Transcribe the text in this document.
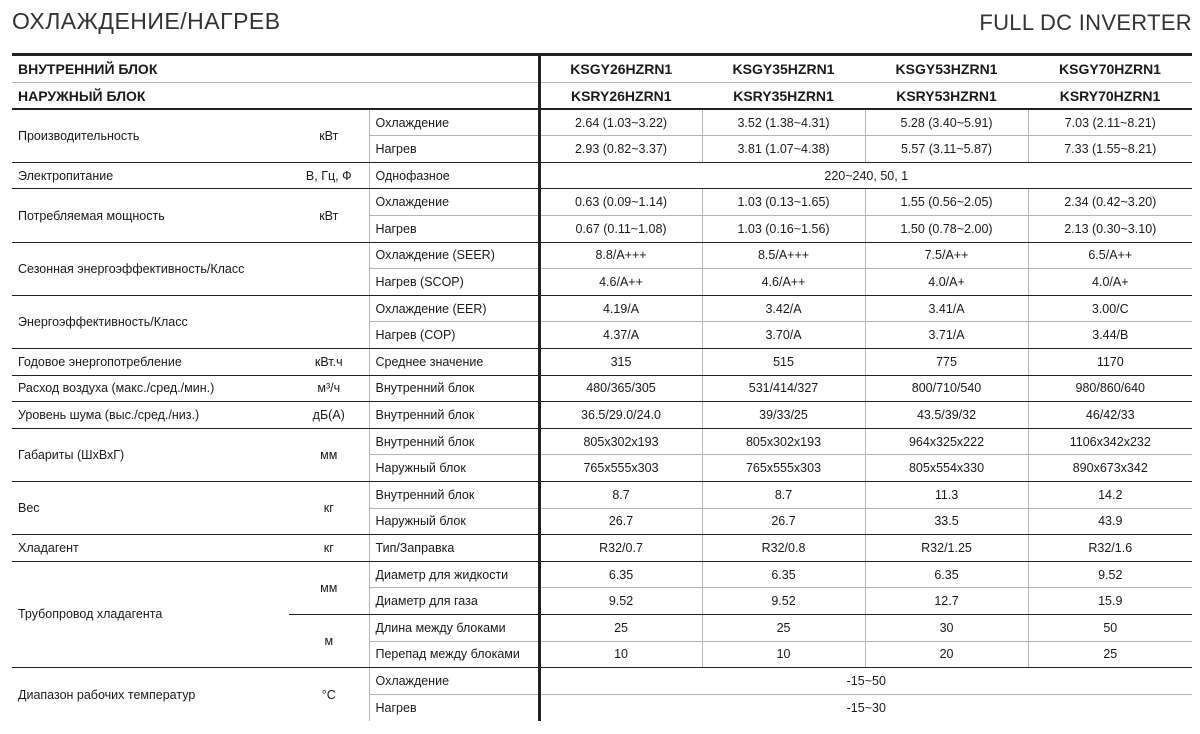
ОХЛАЖДЕНИЕ/НАГРЕВ	FULL DC INVERTER
ВНУТРЕННИЙ БЛОК			KSGY26HZRN1	KSGY35HZRN1	KSGY53HZRN1	KSGY70HZRN1
НАРУЖНЫЙ БЛОК			KSRY26HZRN1	KSRY35HZRN1	KSRY53HZRN1	KSRY70HZRN1
Производительность	кВт	Охлаждение	2.64 (1.03~3.22)	3.52 (1.38~4.31)	5.28 (3.40~5.91)	7.03 (2.11~8.21)
		Нагрев	2.93 (0.82~3.37)	3.81 (1.07~4.38)	5.57 (3.11~5.87)	7.33 (1.55~8.21)
Электропитание	В, Гц, Ф	Однофазное	220~240, 50, 1			
Потребляемая мощность	кВт	Охлаждение	0.63 (0.09~1.14)	1.03 (0.13~1.65)	1.55 (0.56~2.05)	2.34 (0.42~3.20)
		Нагрев	0.67 (0.11~1.08)	1.03 (0.16~1.56)	1.50 (0.78~2.00)	2.13 (0.30~3.10)
Сезонная энергоэффективность/Класс		Охлаждение (SEER)	8.8/A+++	8.5/A+++	7.5/A++	6.5/A++
		Нагрев (SCOP)	4.6/A++	4.6/A++	4.0/A+	4.0/A+
Энергоэффективность/Класс		Охлаждение (EER)	4.19/A	3.42/A	3.41/A	3.00/C
		Нагрев (COP)	4.37/A	3.70/A	3.71/A	3.44/B
Годовое энергопотребление	кВт.ч	Среднее значение	315	515	775	1170
Расход воздуха (макс./сред./мин.)	м³/ч	Внутренний блок	480/365/305	531/414/327	800/710/540	980/860/640
Уровень шума (выс./сред./низ.)	дБ(А)	Внутренний блок	36.5/29.0/24.0	39/33/25	43.5/39/32	46/42/33
Габариты (ШхВхГ)	мм	Внутренний блок	805x302x193	805x302x193	964x325x222	1106x342x232
		Наружный блок	765x555x303	765x555x303	805x554x330	890x673x342
Вес	кг	Внутренний блок	8.7	8.7	11.3	14.2
		Наружный блок	26.7	26.7	33.5	43.9
Хладагент	кг	Тип/Заправка	R32/0.7	R32/0.8	R32/1.25	R32/1.6
Трубопровод хладагента	мм	Диаметр для жидкости	6.35	6.35	6.35	9.52
		Диаметр для газа	9.52	9.52	12.7	15.9
	м	Длина между блоками	25	25	30	50
		Перепад между блоками	10	10	20	25
Диапазон рабочих температур	°C	Охлаждение	-15~50			
		Нагрев	-15~30			
